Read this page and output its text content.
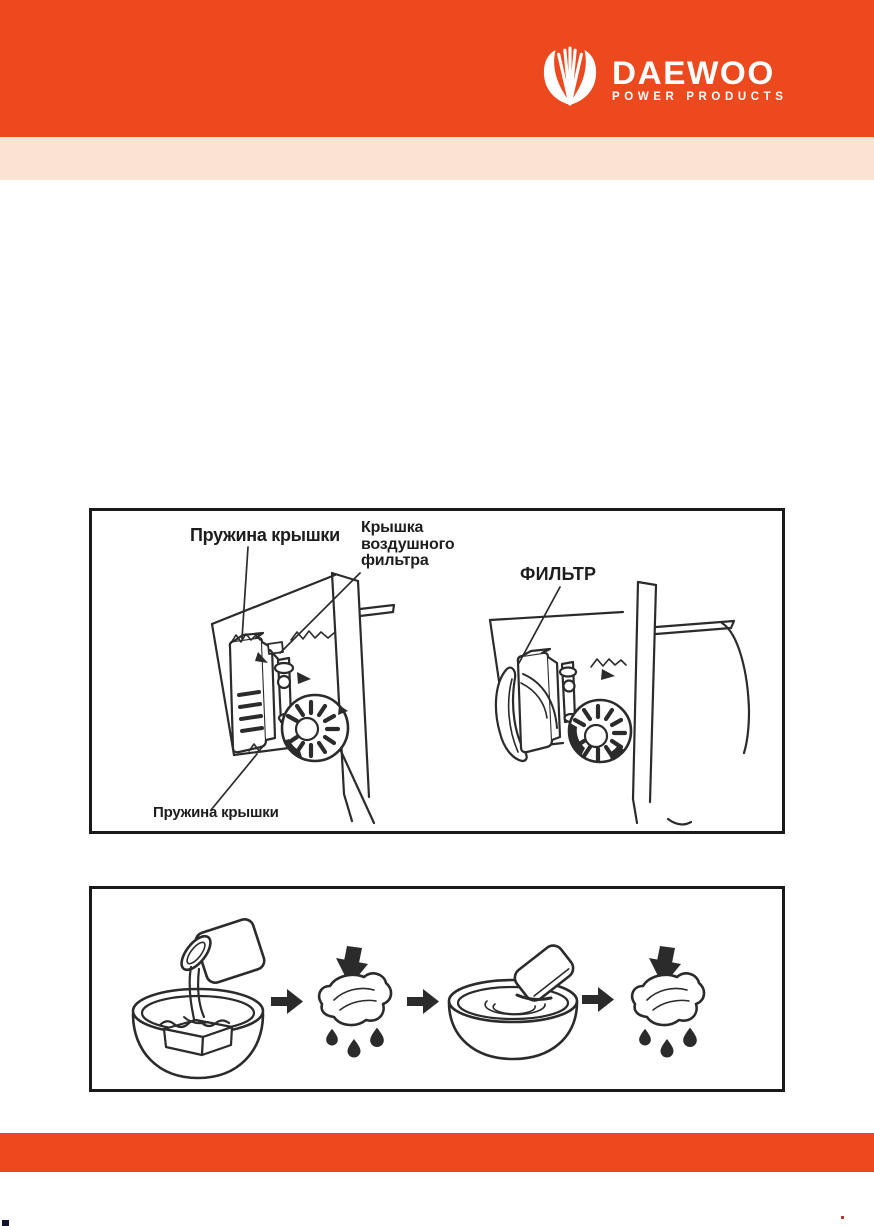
DAEWOO
POWER PRODUCTS
Пружина крышки Крышка воздушного фильтра
ФИЛЬТР
Пружина крышки
